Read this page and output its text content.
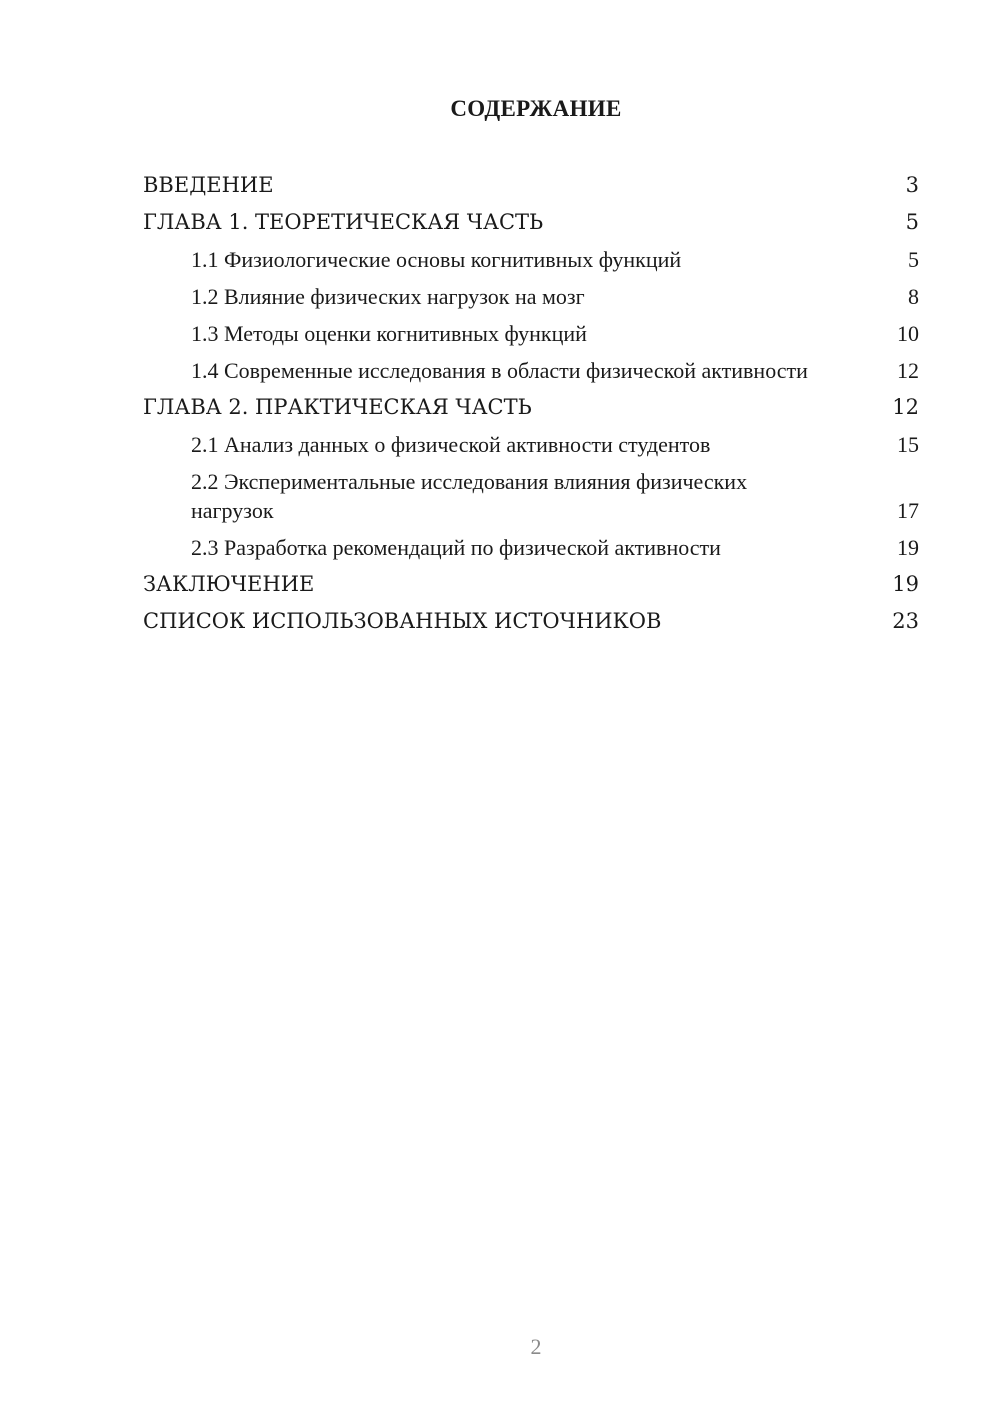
СОДЕРЖАНИЕ
ВВЕДЕНИЕ	3
ГЛАВА 1. ТЕОРЕТИЧЕСКАЯ ЧАСТЬ	5
1.1 Физиологические основы когнитивных функций	5
1.2 Влияние физических нагрузок на мозг	8
1.3 Методы оценки когнитивных функций	10
1.4 Современные исследования в области физической активности	12
ГЛАВА 2. ПРАКТИЧЕСКАЯ ЧАСТЬ	12
2.1 Анализ данных о физической активности студентов	15
2.2 Экспериментальные исследования влияния физических нагрузок	17
2.3 Разработка рекомендаций по физической активности	19
ЗАКЛЮЧЕНИЕ	19
СПИСОК ИСПОЛЬЗОВАННЫХ ИСТОЧНИКОВ	23
2
